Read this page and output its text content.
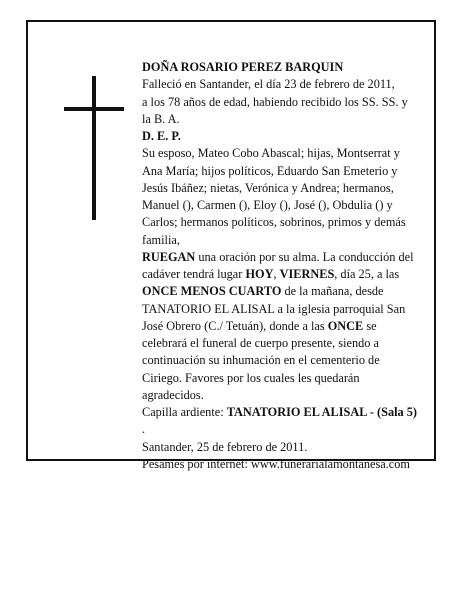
DOÑA ROSARIO PEREZ BARQUIN
Falleció en Santander, el día 23 de febrero de 2011,
a los 78 años de edad, habiendo recibido los SS. SS. y
la B. A.
D. E. P.
Su esposo, Mateo Cobo Abascal; hijas, Montserrat y
Ana María; hijos políticos, Eduardo San Emeterio y
Jesús Ibáñez; nietas, Verónica y Andrea; hermanos,
Manuel (), Carmen (), Eloy (), José (), Obdulia () y
Carlos; hermanos políticos, sobrinos, primos y demás
familia,
RUEGAN una oración por su alma. La conducción del
cadáver tendrá lugar HOY, VIERNES, día 25, a las
ONCE MENOS CUARTO de la mañana, desde
TANATORIO EL ALISAL a la iglesia parroquial San
José Obrero (C./ Tetuán), donde a las ONCE se
celebrará el funeral de cuerpo presente, siendo a
continuación su inhumación en el cementerio de
Ciriego. Favores por los cuales les quedarán
agradecidos.
Capilla ardiente: TANATORIO EL ALISAL - (Sala 5)
.
Santander, 25 de febrero de 2011.
Pésames por internet: www.funerarialamontanesa.com
